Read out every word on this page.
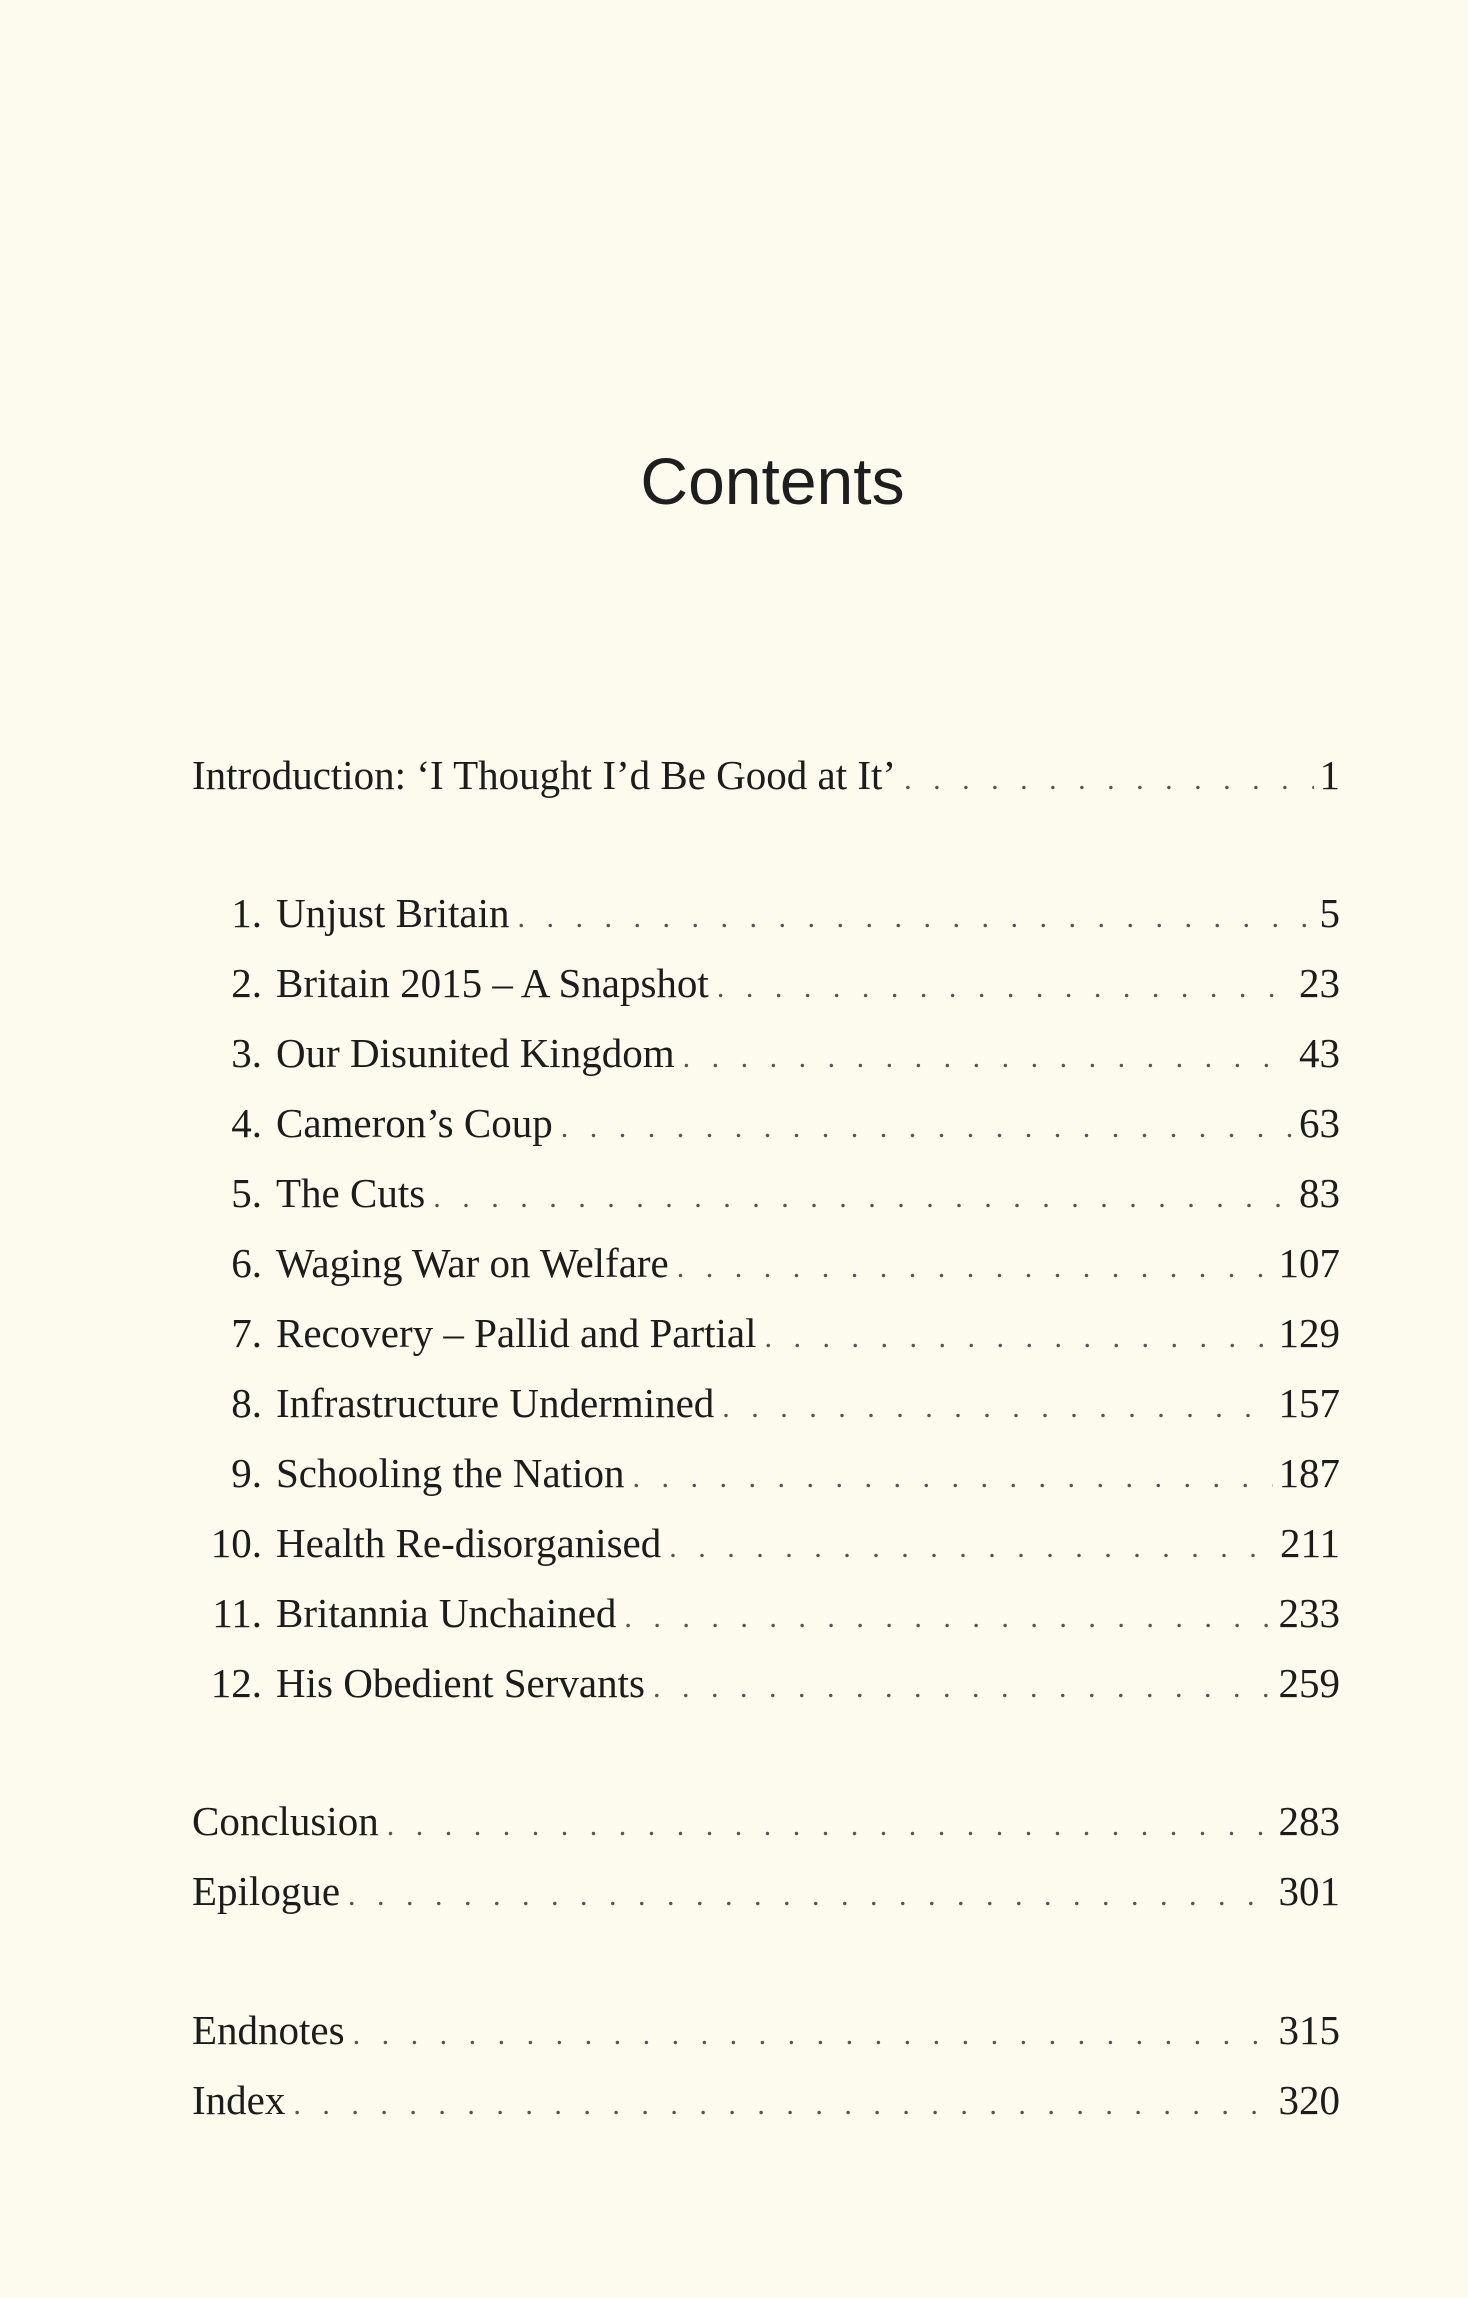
Contents
Introduction: ‘I Thought I’d Be Good at It’ . . .	1
1. Unjust Britain . . .	5
2. Britain 2015 – A Snapshot . . .	23
3. Our Disunited Kingdom . . .	43
4. Cameron’s Coup . . .	63
5. The Cuts . . .	83
6. Waging War on Welfare . . .	107
7. Recovery – Pallid and Partial . . .	129
8. Infrastructure Undermined . . .	157
9. Schooling the Nation . . .	187
10. Health Re-disorganised . . .	211
11. Britannia Unchained . . .	233
12. His Obedient Servants . . .	259
Conclusion . . .	283
Epilogue . . .	301
Endnotes . . .	315
Index . . .	320
